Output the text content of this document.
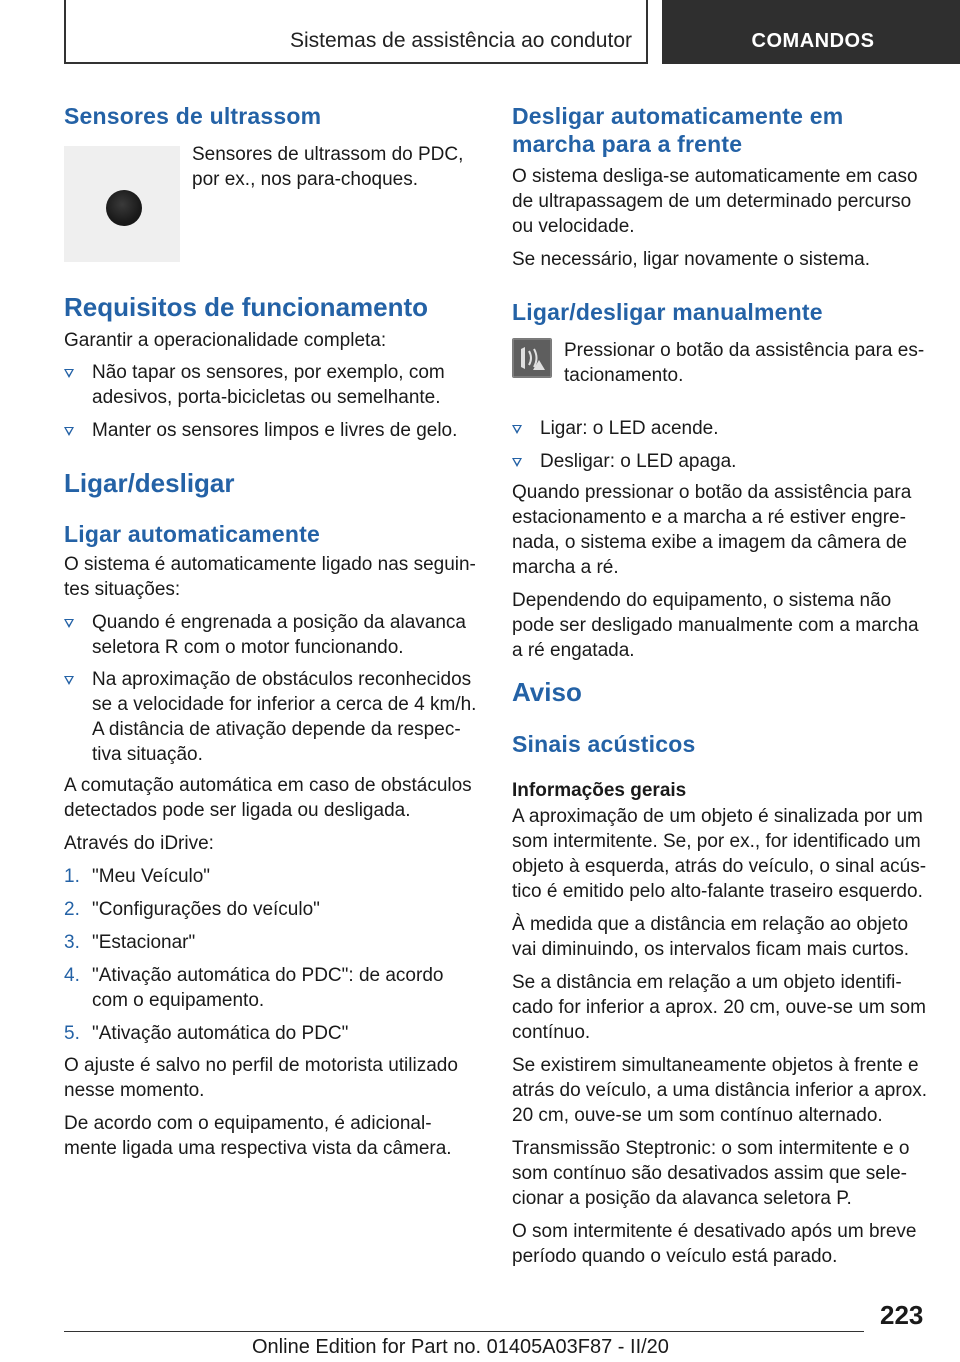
Sistemas de assistência ao condutor	COMANDOS
Sensores de ultrassom

Sensores de ultrassom do PDC, por ex., nos para-choques.

Requisitos de funcionamento

Garantir a operacionalidade completa:

Não tapar os sensores, por exemplo, com adesivos, porta-bicicletas ou semelhante.
Manter os sensores limpos e livres de gelo.
Ligar/desligar
Ligar automaticamente

O sistema é automaticamente ligado nas seguin-tes situações:

Quando é engrenada a posição da alavanca seletora R com o motor funcionando.
Na aproximação de obstáculos reconhecidos se a velocidade for inferior a cerca de 4 km/h. A distância de ativação depende da respec-tiva situação.

A comutação automática em caso de obstáculos detectados pode ser ligada ou desligada.

Através do iDrive:

1. "Meu Veículo"
2. "Configurações do veículo"
3. "Estacionar"
4. "Ativação automática do PDC": de acordo com o equipamento.
5. "Ativação automática do PDC"

O ajuste é salvo no perfil de motorista utilizado nesse momento.

De acordo com o equipamento, é adicional-mente ligada uma respectiva vista da câmera.

Desligar automaticamente em marcha para a frente

O sistema desliga-se automaticamente em caso de ultrapassagem de um determinado percurso ou velocidade.

Se necessário, ligar novamente o sistema.

Ligar/desligar manualmente

Pressionar o botão da assistência para es-tacionamento.

Ligar: o LED acende.
Desligar: o LED apaga.

Quando pressionar o botão da assistência para estacionamento e a marcha a ré estiver engre-nada, o sistema exibe a imagem da câmera de marcha a ré.

Dependendo do equipamento, o sistema não pode ser desligado manualmente com a marcha a ré engatada.

Aviso
Sinais acústicos
Informações gerais

A aproximação de um objeto é sinalizada por um som intermitente. Se, por ex., for identificado um objeto à esquerda, atrás do veículo, o sinal acús-tico é emitido pelo alto-falante traseiro esquerdo.

À medida que a distância em relação ao objeto vai diminuindo, os intervalos ficam mais curtos.

Se a distância em relação a um objeto identifi-cado for inferior a aprox. 20 cm, ouve-se um som contínuo.

Se existirem simultaneamente objetos à frente e atrás do veículo, a uma distância inferior a aprox. 20 cm, ouve-se um som contínuo alternado.

Transmissão Steptronic: o som intermitente e o som contínuo são desativados assim que sele-cionar a posição da alavanca seletora P.

O som intermitente é desativado após um breve período quando o veículo está parado.

223
Online Edition for Part no. 01405A03F87 - II/20
